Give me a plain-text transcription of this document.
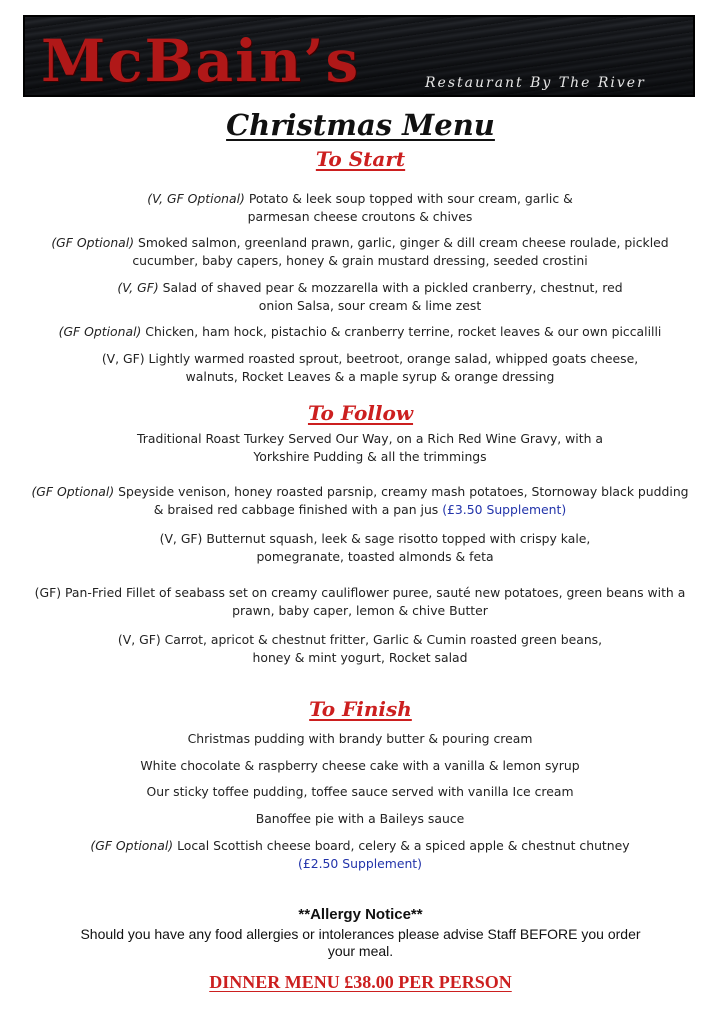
McBain’s	Restaurant By The River
Christmas Menu
To Start
(V, GF Optional) Potato & leek soup topped with sour cream, garlic & parmesan cheese croutons & chives
(GF Optional) Smoked salmon, greenland prawn, garlic, ginger & dill cream cheese roulade, pickled cucumber, baby capers, honey & grain mustard dressing, seeded crostini
(V, GF) Salad of shaved pear & mozzarella with a pickled cranberry, chestnut, red onion Salsa, sour cream & lime zest
(GF Optional) Chicken, ham hock, pistachio & cranberry terrine, rocket leaves & our own piccalilli
(V, GF) Lightly warmed roasted sprout, beetroot, orange salad, whipped goats cheese, walnuts, Rocket Leaves & a maple syrup & orange dressing
To Follow
Traditional Roast Turkey Served Our Way, on a Rich Red Wine Gravy, with a Yorkshire Pudding & all the trimmings
(GF Optional) Speyside venison, honey roasted parsnip, creamy mash potatoes, Stornoway black pudding & braised red cabbage finished with a pan jus (£3.50 Supplement)
(V, GF) Butternut squash, leek & sage risotto topped with crispy kale, pomegranate, toasted almonds & feta
(GF) Pan-Fried Fillet of seabass set on creamy cauliflower puree, sauté new potatoes, green beans with a prawn, baby caper, lemon & chive Butter
(V, GF) Carrot, apricot & chestnut fritter, Garlic & Cumin roasted green beans, honey & mint yogurt, Rocket salad
To Finish
Christmas pudding with brandy butter & pouring cream
White chocolate & raspberry cheese cake with a vanilla & lemon syrup
Our sticky toffee pudding, toffee sauce served with vanilla Ice cream
Banoffee pie with a Baileys sauce
(GF Optional) Local Scottish cheese board, celery & a spiced apple & chestnut chutney
(£2.50 Supplement)
**Allergy Notice**
Should you have any food allergies or intolerances please advise Staff BEFORE you order your meal.
DINNER MENU £38.00 PER PERSON
